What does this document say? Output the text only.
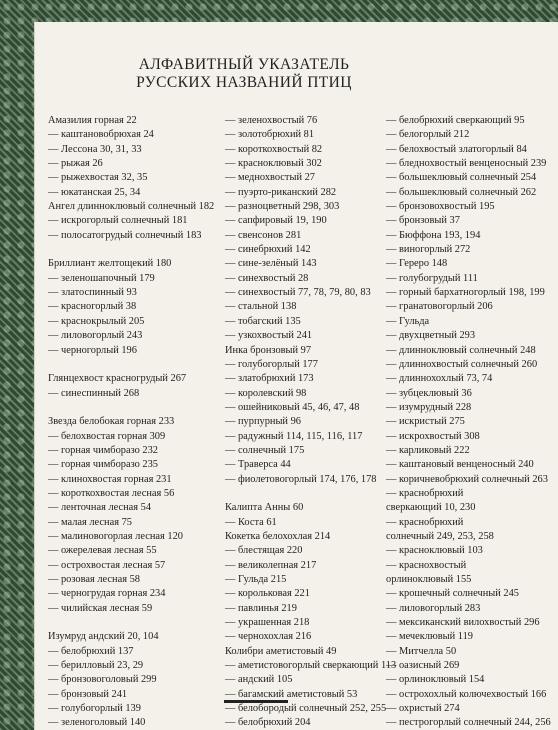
АЛФАВИТНЫЙ УКАЗАТЕЛЬ
РУССКИХ НАЗВАНИЙ ПТИЦ
Амазилия горная 22
— каштановобрюхая 24
— Лессона 30, 31, 33
— рыжая 26
— рыжехвостая 32, 35
— юкатанская 25, 34
Ангел длинноклювый солнечный 182
— искрогорлый солнечный 181
— полосатогрудый солнечный 183
Бриллиант желтощекий 180
— зеленошапочный 179
— златоспинный 93
— красногорлый 38
— краснокрылый 205
— лиловогорлый 243
— черногорлый 196
Глянцехвост красногрудый 267
— синеспинный 268
Звезда белобокая горная 233
— белохвостая горная 309
— горная чимборазо 232
— горная чимборазо 235
— клинохвостая горная 231
— короткохвостая лесная 56
— ленточная лесная 54
— малая лесная 75
— малиновогорлая лесная 120
— ожерелевая лесная 55
— острохвостая лесная 57
— розовая лесная 58
— черногрудая горная 234
— чилийская лесная 59
Изумруд андский 20, 104
— белобрюхий 137
— берилловый 23, 29
— бронзовоголовый 299
— бронзовый 241
— голубогорлый 139
— зеленоголовый 140
— зеленохвостый 76
— золотобрюхий 81
— короткохвостый 82
— красноклювый 302
— меднохвостый 27
— пуэрто-риканский 282
— разноцветный 298, 303
— сапфировый 19, 190
— свенсонов 281
— синебрюхий 142
— сине-зелёный 143
— синехвостый 28
— синехвостый 77, 78, 79, 80, 83
— стальной 138
— тобагский 135
— узкохвостый 241
Инка бронзовый 97
— голубогорлый 177
— златобрюхий 173
— королевский 98
— ошейниковый 45, 46, 47, 48
— пурпурный 96
— радужный 114, 115, 116, 117
— солнечный 175
— Траверса 44
— фиолетовогорлый 174, 176, 178
Калипта Анны 60
— Коста 61
Кокетка белохохлая 214
— блестящая 220
— великолепная 217
— Гульда 215
— корольковая 221
— павлинья 219
— украшенная 218
— чернохохлая 216
Колибри аметистовый 49
— аметистовогорлый сверкающий 113
— андский 105
— багамский аметистовый 53
— белобородый солнечный 252, 255
— белобрюхий 204
— белобрюхий сверкающий 95
— белогорлый 212
— белохвостый златогорлый 84
— бледнохвостый венценосный 239
— большеклювый солнечный 254
— большеклювый солнечный 262
— бронзовохвостый 195
— бронзовый 37
— Бюффона 193, 194
— виногорлый 272
— Герерo 148
— голубогрудый 111
— горный бархатногорлый 198, 199
— гранатовогорлый 206
— Гульда
— двухцветный 293
— длинноклювый солнечный 248
— длиннохвостый солнечный 260
— длиннохохлый 73, 74
— зубцеклювый 36
— изумрудный 228
— искристый 275
— искрохвостый 308
— карликовый 222
— каштановый венценосный 240
— коричневобрюхий солнечный 263
— краснобрюхий
сверкающий 10, 230
— краснобрюхий
солнечный 249, 253, 258
— красноклювый 103
— краснохвостый
орлиноклювый 155
— крошечный солнечный 245
— лиловогорлый 283
— мексиканский вилохвостый 296
— мечеклювый 119
— Митчелла 50
— оазисный 269
— орлиноклювый 154
— острохохлый колючехвостый 166
— охристый 274
— пестрогорлый солнечный 244, 256
